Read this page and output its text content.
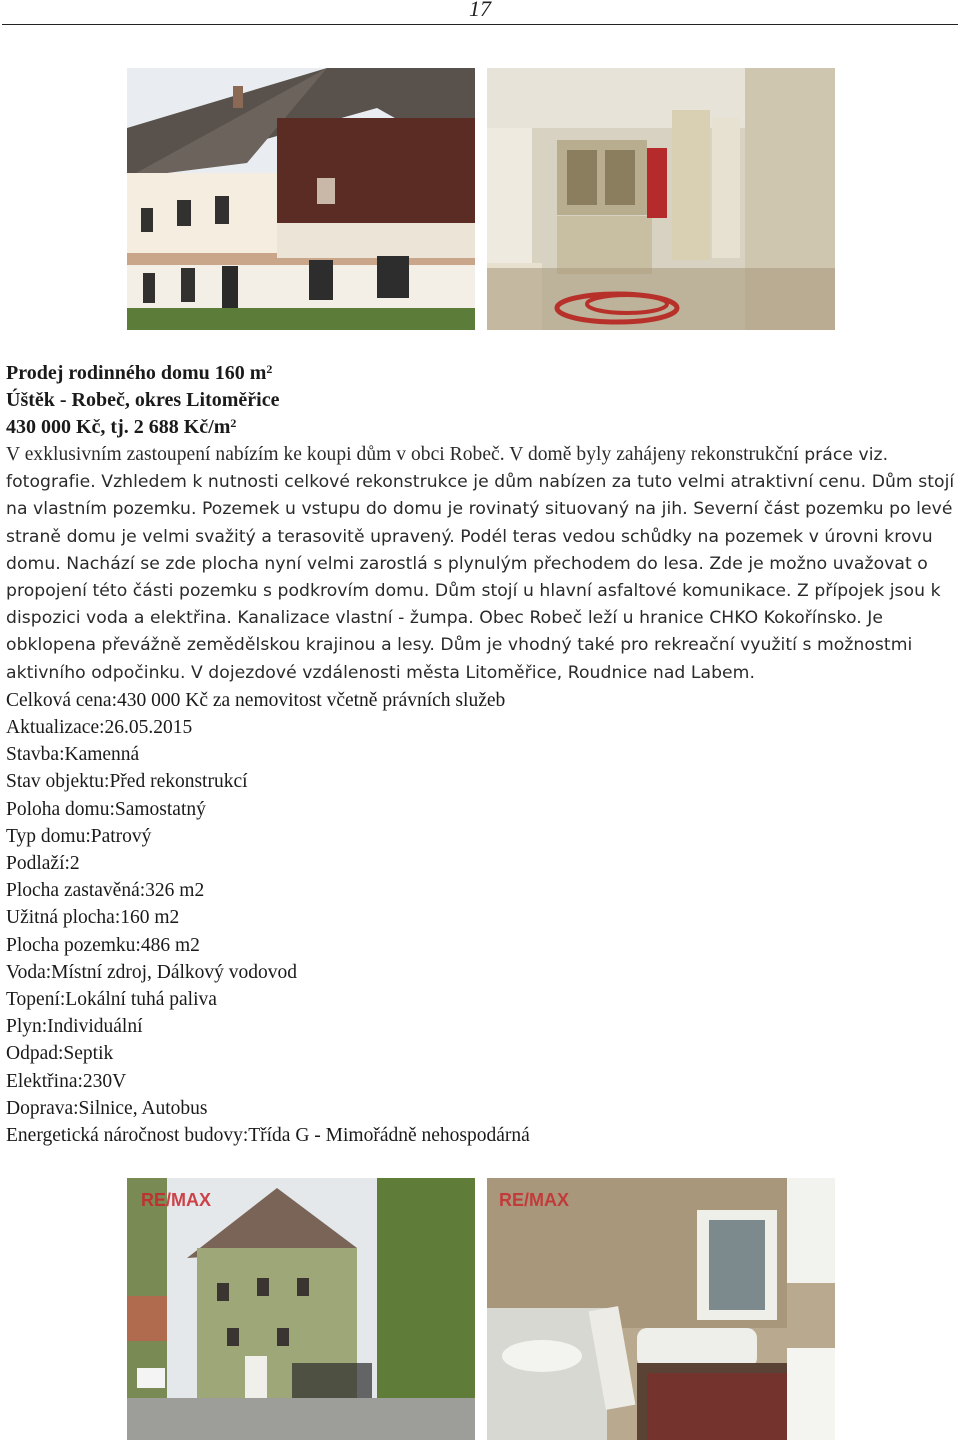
17

Prodej rodinného domu 160 $m^2$

Úštěk - Robeč, okres Litoměřice

430 000 Kč, tj. 2 688 $Kč/m^2$

V exklusivním zastoupení nabízím ke koupi dům v obci Robeč. V domě byly zahájeny rekonstrukční práce viz. fotografie. Vzhledem k nutnosti celkové rekonstrukce je dům nabízen za tuto velmi atraktivní cenu. Dům stojí na vlastním pozemku. Pozemek u vstupu do domu je rovinatý situovaný na jih. Severní část pozemku po levé straně domu je velmi svažitý a terasovitě upravený. Podél teras vedou schůdky na pozemek v úrovni krovu domu. Nachází se zde plocha nyní velmi zarostlá s plynulým přechodem do lesa. Zde je možno uvažovat o propojení této části pozemku s podkrovím domu. Dům stojí u hlavní asfaltové komunikace. Z přípojek jsou k dispozici voda a elektřina. Kanalizace vlastní - žumpa. Obec Robeč leží u hranice CHKO Kokořínsko. Je obklopena převážně zemědělskou krajinou a lesy. Dům je vhodný také pro rekreační využití s možnostmi aktivního odpočinku. V dojezdové vzdálenosti města Litoměřice, Roudnice nad Labem.

Celková cena:430 000 Kč za nemovitost včetně právních služeb
Aktualizace:26.05.2015
Stavba:Kamenná
Stav objektu:Před rekonstrukcí
Poloha domu:Samostatný
Typ domu:Patrový
Podlaží:2
Plocha zastavěná:326 m2
Užitná plocha:160 m2
Plocha pozemku:486 m2
Voda:Místní zdroj, Dálkový vodovod
Topení:Lokální tuhá paliva
Plyn:Individuální
Odpad:Septik
Elektřina:230V
Doprava:Silnice, Autobus
Energetická náročnost budovy:Třída G - Mimořádně nehospodárná
RE/MAX	RE/MAX
